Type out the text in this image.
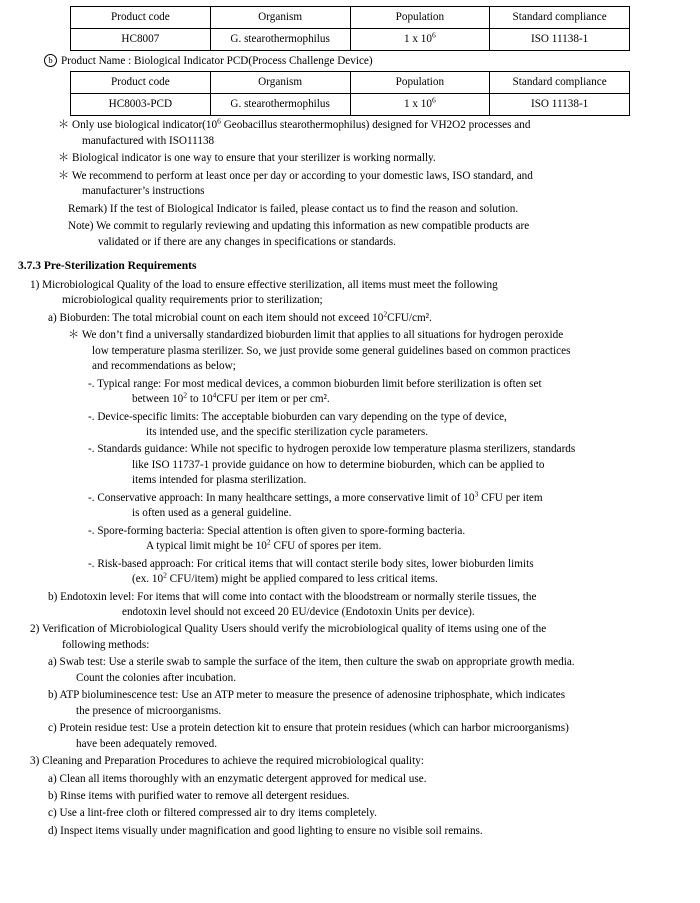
Product code	Organism	Population	Standard compliance
HC8007	G. stearothermophilus	1 x $10^6$	ISO 11138-1
b Product Name : Biological Indicator PCD(Process Challenge Device)
Product code	Organism	Population	Standard compliance
HC8003-PCD	G. stearothermophilus	1 x $10^6$	ISO 11138-1
＊ Only use biological $indicator(10^6$ Geobacillus stearothermophilus) designed for VH2O2 processes and
manufactured with ISO11138
＊ Biological indicator is one way to ensure that your sterilizer is working normally.
＊ We recommend to perform at least once per day or according to your domestic laws, ISO standard, and
manufacturer’s instructions
Remark) If the test of Biological Indicator is failed, please contact us to find the reason and solution.
Note) We commit to regularly reviewing and updating this information as new compatible products are
validated or if there are any changes in specifications or standards.
3.7.3 Pre-Sterilization Requirements
1) Microbiological Quality of the load to ensure effective sterilization, all items must meet the following
microbiological quality requirements prior to sterilization;
a) Bioburden: The total microbial count on each item should not exceed $10^2CFU$/cm².
＊ We don’t find a universally standardized bioburden limit that applies to all situations for hydrogen peroxide
low temperature plasma sterilizer. So, we just provide some general guidelines based on common practices
and recommendations as below;
-. Typical range: For most medical devices, a common bioburden limit before sterilization is often set
between $10^2$ to $10^4CFU$ per item or per cm².
-. Device-specific limits: The acceptable bioburden can vary depending on the type of device,
its intended use, and the specific sterilization cycle parameters.
-. Standards guidance: While not specific to hydrogen peroxide low temperature plasma sterilizers, standards
like ISO 11737-1 provide guidance on how to determine bioburden, which can be applied to
items intended for plasma sterilization.
-. Conservative approach: In many healthcare settings, a more conservative limit of $10^3$ CFU per item
is often used as a general guideline.
-. Spore-forming bacteria: Special attention is often given to spore-forming bacteria.
A typical limit might be $10^2$ CFU of spores per item.
-. Risk-based approach: For critical items that will contact sterile body sites, lower bioburden limits
(ex. $10^2$ CFU/item) might be applied compared to less critical items.
b) Endotoxin level: For items that will come into contact with the bloodstream or normally sterile tissues, the
endotoxin level should not exceed 20 EU/device (Endotoxin Units per device).
2) Verification of Microbiological Quality Users should verify the microbiological quality of items using one of the
following methods:
a) Swab test: Use a sterile swab to sample the surface of the item, then culture the swab on appropriate growth media.
Count the colonies after incubation.
b) ATP bioluminescence test: Use an ATP meter to measure the presence of adenosine triphosphate, which indicates
the presence of microorganisms.
c) Protein residue test: Use a protein detection kit to ensure that protein residues (which can harbor microorganisms)
have been adequately removed.
3) Cleaning and Preparation Procedures to achieve the required microbiological quality:
a) Clean all items thoroughly with an enzymatic detergent approved for medical use.
b) Rinse items with purified water to remove all detergent residues.
c) Use a lint-free cloth or filtered compressed air to dry items completely.
d) Inspect items visually under magnification and good lighting to ensure no visible soil remains.
